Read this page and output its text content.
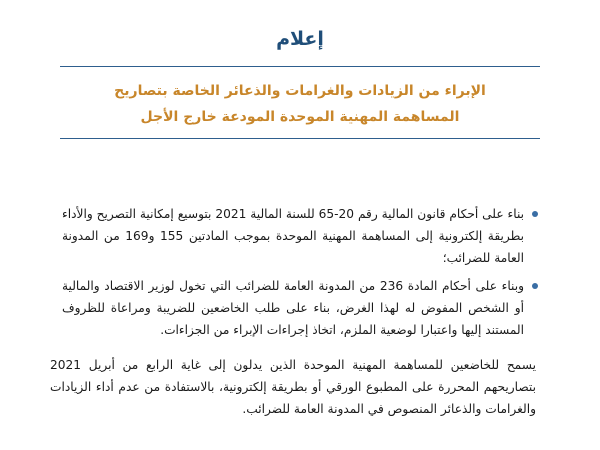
إعلام

الإبراء من الزيادات والغرامات والذعائر الخاصة بتصاريح

المساهمة المهنية الموحدة المودعة خارج الأجل

بناء على أحكام قانون المالية رقم 20-65 للسنة المالية 2021 بتوسيع إمكانية التصريح والأداء بطريقة إلكترونية إلى المساهمة المهنية الموحدة بموجب المادتين 155 و169 من المدونة العامة للضرائب؛
وبناء على أحكام المادة 236 من المدونة العامة للضرائب التي تخول لوزير الاقتصاد والمالية أو الشخص المفوض له لهذا الغرض، بناء على طلب الخاضعين للضريبة ومراعاة للظروف المستند إليها واعتبارا لوضعية الملزم، اتخاذ إجراءات الإبراء من الجزاءات.

يسمح للخاضعين للمساهمة المهنية الموحدة الذين يدلون إلى غاية الرابع من أبريل 2021 بتصاريحهم المحررة على المطبوع الورقي أو بطريقة إلكترونية، بالاستفادة من عدم أداء الزيادات والغرامات والذعائر المنصوص في المدونة العامة للضرائب.
